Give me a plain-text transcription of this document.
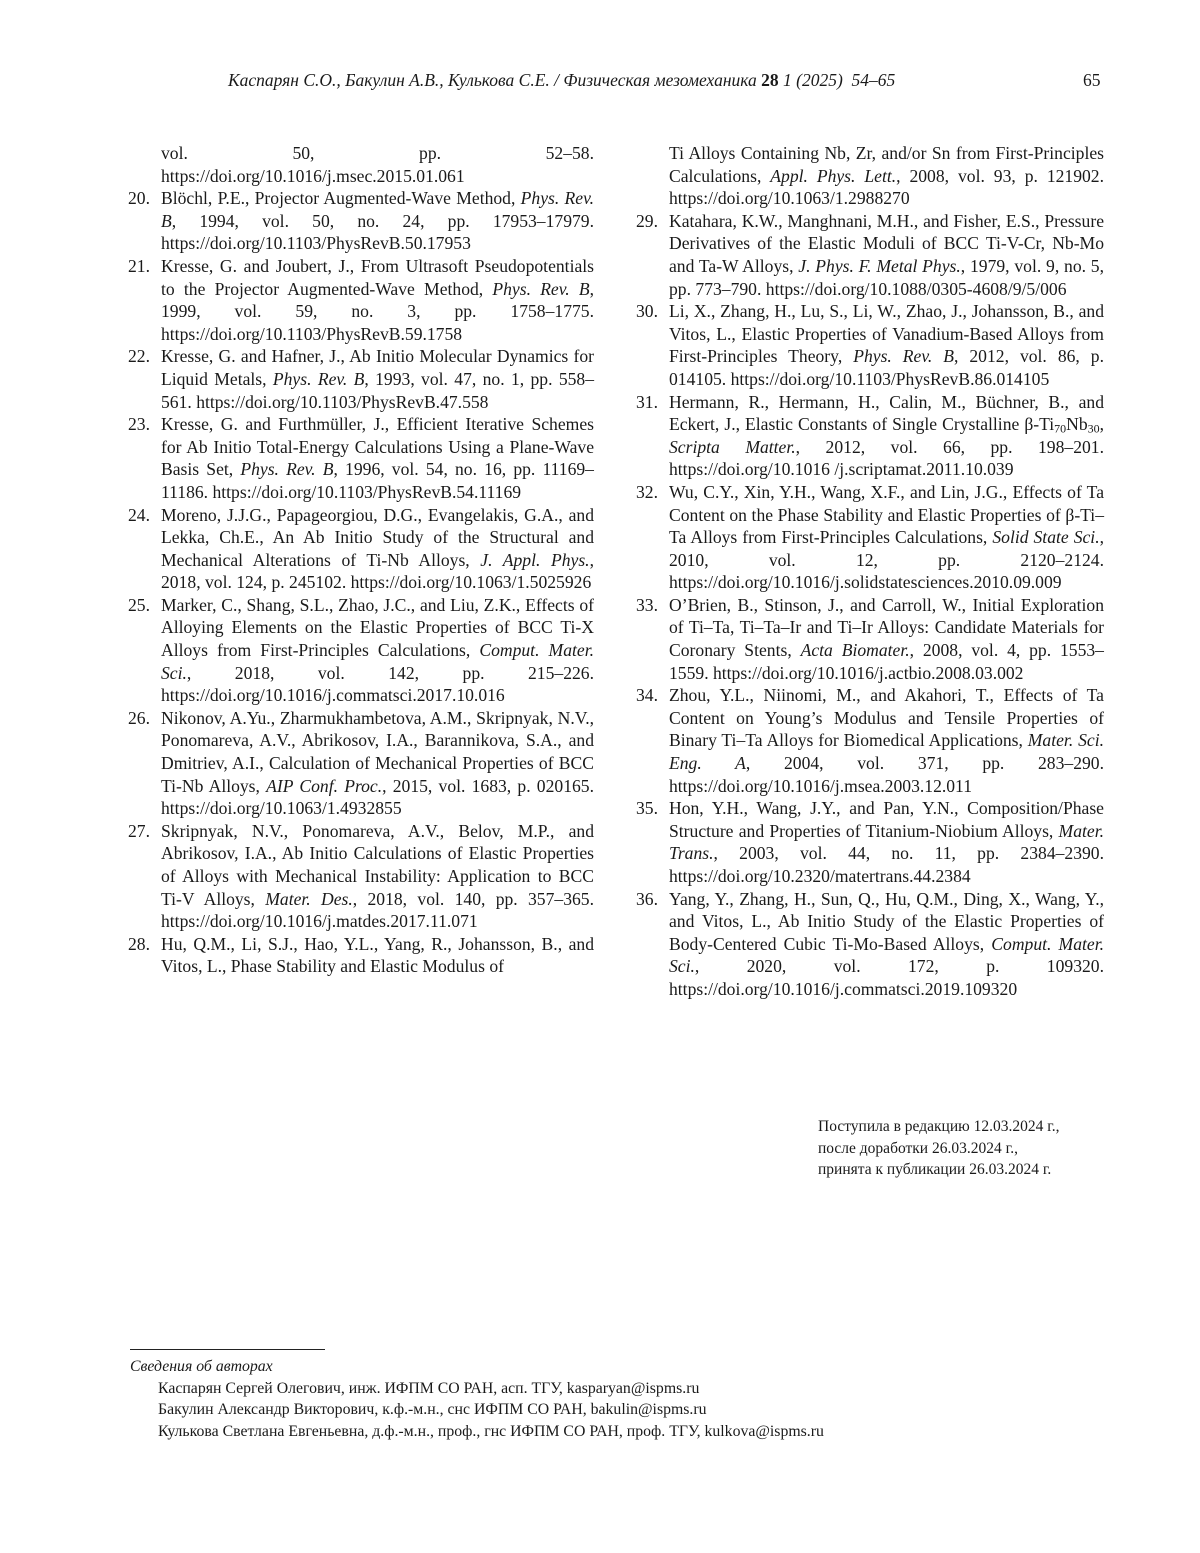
Каспарян С.О., Бакулин А.В., Кулькова С.Е. / Физическая мезомеханика 28 1 (2025)  54–65	65
vol. 50, pp. 52–58. https://doi.org/10.1016/j.msec.2015.01.061
20. Blöchl, P.E., Projector Augmented-Wave Method, Phys. Rev. B, 1994, vol. 50, no. 24, pp. 17953–17979. https://doi.org/10.1103/PhysRevB.50.17953
21. Kresse, G. and Joubert, J., From Ultrasoft Pseudopotentials to the Projector Augmented-Wave Method, Phys. Rev. B, 1999, vol. 59, no. 3, pp. 1758–1775. https://doi.org/10.1103/PhysRevB.59.1758
22. Kresse, G. and Hafner, J., Ab Initio Molecular Dynamics for Liquid Metals, Phys. Rev. B, 1993, vol. 47, no. 1, pp. 558–561. https://doi.org/10.1103/PhysRevB.47.558
23. Kresse, G. and Furthmüller, J., Efficient Iterative Schemes for Ab Initio Total-Energy Calculations Using a Plane-Wave Basis Set, Phys. Rev. B, 1996, vol. 54, no. 16, pp. 11169–11186. https://doi.org/10.1103/PhysRevB.54.11169
24. Moreno, J.J.G., Papageorgiou, D.G., Evangelakis, G.A., and Lekka, Ch.E., An Ab Initio Study of the Structural and Mechanical Alterations of Ti-Nb Alloys, J. Appl. Phys., 2018, vol. 124, p. 245102. https://doi.org/10.1063/1.5025926
25. Marker, C., Shang, S.L., Zhao, J.C., and Liu, Z.K., Effects of Alloying Elements on the Elastic Properties of BCC Ti-X Alloys from First-Principles Calculations, Comput. Mater. Sci., 2018, vol. 142, pp. 215–226. https://doi.org/10.1016/j.commatsci.2017.10.016
26. Nikonov, A.Yu., Zharmukhambetova, A.M., Skripnyak, N.V., Ponomareva, A.V., Abrikosov, I.A., Barannikova, S.A., and Dmitriev, A.I., Calculation of Mechanical Properties of BCC Ti-Nb Alloys, AIP Conf. Proc., 2015, vol. 1683, p. 020165. https://doi.org/10.1063/1.4932855
27. Skripnyak, N.V., Ponomareva, A.V., Belov, M.P., and Abrikosov, I.A., Ab Initio Calculations of Elastic Properties of Alloys with Mechanical Instability: Application to BCC Ti-V Alloys, Mater. Des., 2018, vol. 140, pp. 357–365. https://doi.org/10.1016/j.matdes.2017.11.071
28. Hu, Q.M., Li, S.J., Hao, Y.L., Yang, R., Johansson, B., and Vitos, L., Phase Stability and Elastic Modulus of
Ti Alloys Containing Nb, Zr, and/or Sn from First-Principles Calculations, Appl. Phys. Lett., 2008, vol. 93, p. 121902. https://doi.org/10.1063/1.2988270
29. Katahara, K.W., Manghnani, M.H., and Fisher, E.S., Pressure Derivatives of the Elastic Moduli of BCC Ti-V-Cr, Nb-Mo and Ta-W Alloys, J. Phys. F. Metal Phys., 1979, vol. 9, no. 5, pp. 773–790. https://doi.org/10.1088/0305-4608/9/5/006
30. Li, X., Zhang, H., Lu, S., Li, W., Zhao, J., Johansson, B., and Vitos, L., Elastic Properties of Vanadium-Based Alloys from First-Principles Theory, Phys. Rev. B, 2012, vol. 86, p. 014105. https://doi.org/10.1103/PhysRevB.86.014105
31. Hermann, R., Hermann, H., Calin, M., Büchner, B., and Eckert, J., Elastic Constants of Single Crystalline $\beta-Ti_{70}Nb_{30}$, Scripta Matter., 2012, vol. 66, pp. 198–201. https://doi.org/10.1016 /j.scriptamat.2011.10.039
32. Wu, C.Y., Xin, Y.H., Wang, X.F., and Lin, J.G., Effects of Ta Content on the Phase Stability and Elastic Properties of β-Ti–Ta Alloys from First-Principles Calculations, Solid State Sci., 2010, vol. 12, pp. 2120–2124. https://doi.org/10.1016/j.solidstatesciences.2010.09.009
33. O’Brien, B., Stinson, J., and Carroll, W., Initial Exploration of Ti–Ta, Ti–Ta–Ir and Ti–Ir Alloys: Candidate Materials for Coronary Stents, Acta Biomater., 2008, vol. 4, pp. 1553–1559. https://doi.org/10.1016/j.actbio.2008.03.002
34. Zhou, Y.L., Niinomi, M., and Akahori, T., Effects of Ta Content on Young’s Modulus and Tensile Properties of Binary Ti–Ta Alloys for Biomedical Applications, Mater. Sci. Eng. A, 2004, vol. 371, pp. 283–290. https://doi.org/10.1016/j.msea.2003.12.011
35. Hon, Y.H., Wang, J.Y., and Pan, Y.N., Composition/Phase Structure and Properties of Titanium-Niobium Alloys, Mater. Trans., 2003, vol. 44, no. 11, pp. 2384–2390. https://doi.org/10.2320/matertrans.44.2384
36. Yang, Y., Zhang, H., Sun, Q., Hu, Q.M., Ding, X., Wang, Y., and Vitos, L., Ab Initio Study of the Elastic Properties of Body-Centered Cubic Ti-Mo-Based Alloys, Comput. Mater. Sci., 2020, vol. 172, p. 109320. https://doi.org/10.1016/j.commatsci.2019.109320
Поступила в редакцию 12.03.2024 г.,
после доработки 26.03.2024 г.,
принята к публикации 26.03.2024 г.
Сведения об авторах
Каспарян Сергей Олегович, инж. ИФПМ СО РАН, асп. ТГУ, kasparyan@ispms.ru
Бакулин Александр Викторович, к.ф.-м.н., снс ИФПМ СО РАН, bakulin@ispms.ru
Кулькова Светлана Евгеньевна, д.ф.-м.н., проф., гнс ИФПМ СО РАН, проф. ТГУ, kulkova@ispms.ru
